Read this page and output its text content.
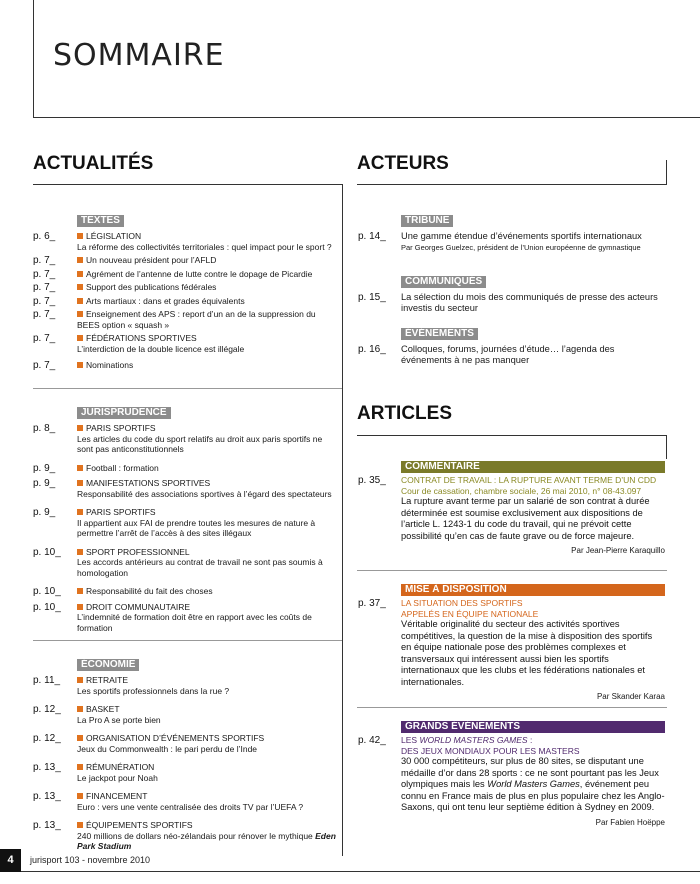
SOMMAIRE
ACTUALITÉS	ACTEURS
ARTICLES
TEXTES
p. 6_	LÉGISLATION
La réforme des collectivités territoriales : quel impact pour le sport ?
p. 7_	Un nouveau président pour l’AFLD
p. 7_	Agrément de l’antenne de lutte contre le dopage de Picardie
p. 7_	Support des publications fédérales
p. 7_	Arts martiaux : dans et grades équivalents
p. 7_	Enseignement des APS : report d’un an de la suppression du BEES option « squash »
p. 7_	FÉDÉRATIONS SPORTIVES
L’interdiction de la double licence est illégale
p. 7_	Nominations
JURISPRUDENCE
p. 8_	PARIS SPORTIFS
Les articles du code du sport relatifs au droit aux paris sportifs ne sont pas anticonstitutionnels
p. 9_	Football : formation
p. 9_	MANIFESTATIONS SPORTIVES
Responsabilité des associations sportives à l’égard des spectateurs
p. 9_	PARIS SPORTIFS
Il appartient aux FAI de prendre toutes les mesures de nature à permettre l’arrêt de l’accès à des sites illégaux
p. 10_	SPORT PROFESSIONNEL
Les accords antérieurs au contrat de travail ne sont pas soumis à homologation
p. 10_	Responsabilité du fait des choses
p. 10_	DROIT COMMUNAUTAIRE
L’indemnité de formation doit être en rapport avec les coûts de formation
ÉCONOMIE
p. 11_	RETRAITE
Les sportifs professionnels dans la rue ?
p. 12_	BASKET
La Pro A se porte bien
p. 12_	ORGANISATION D’ÉVÉNEMENTS SPORTIFS
Jeux du Commonwealth : le pari perdu de l’Inde
p. 13_	RÉMUNÉRATION
Le jackpot pour Noah
p. 13_	FINANCEMENT
Euro : vers une vente centralisée des droits TV par l’UEFA ?
p. 13_	ÉQUIPEMENTS SPORTIFS
240 millions de dollars néo-zélandais pour rénover le mythique Eden Park Stadium
TRIBUNE
p. 14_ Une gamme étendue d’événements sportifs internationaux
Par Georges Guelzec, président de l’Union européenne de gymnastique
COMMUNIQUÉS
p. 15_ La sélection du mois des communiqués de presse des acteurs investis du secteur
ÉVÉNEMENTS
p. 16_ Colloques, forums, journées d’étude… l’agenda des événements à ne pas manquer
COMMENTAIRE
p. 35_ CONTRAT DE TRAVAIL : LA RUPTURE AVANT TERME D’UN CDD
Cour de cassation, chambre sociale, 26 mai 2010, n° 08-43.097
La rupture avant terme par un salarié de son contrat à durée déterminée est soumise exclusivement aux dispositions de l’article L. 1243-1 du code du travail, qui ne prévoit cette possibilité qu’en cas de faute grave ou de force majeure.
Par Jean-Pierre Karaquillo
MISE À DISPOSITION
p. 37_ LA SITUATION DES SPORTIFS APPELÉS EN ÉQUIPE NATIONALE
Véritable originalité du secteur des activités sportives compétitives, la question de la mise à disposition des sportifs en équipe nationale pose des problèmes complexes et transversaux qui intéressent aussi bien les sportifs internationaux que les clubs et les fédérations nationales et internationales.
Par Skander Karaa
GRANDS ÉVÉNEMENTS
p. 42_ LES WORLD MASTERS GAMES :
DES JEUX MONDIAUX POUR LES MASTERS
30 000 compétiteurs, sur plus de 80 sites, se disputant une médaille d’or dans 28 sports : ce ne sont pourtant pas les Jeux olympiques mais les World Masters Games, événement peu connu en France mais de plus en plus populaire chez les Anglo-Saxons, qui ont tenu leur septième édition à Sydney en 2009.
Par Fabien Hoëppe
4	jurisport 103 - novembre 2010
